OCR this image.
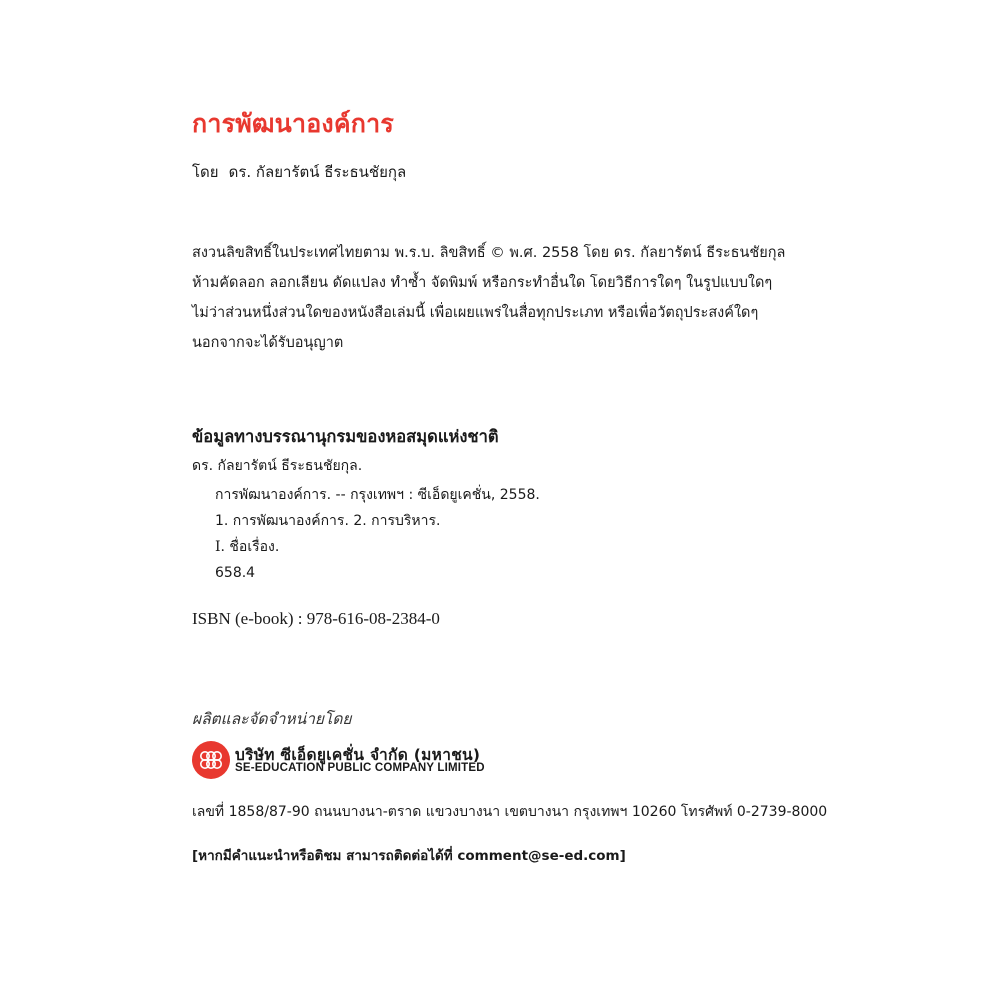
การพัฒนาองค์การ
โดย ดร. กัลยารัตน์ ธีระธนชัยกุล
สงวนลิขสิทธิ์ในประเทศไทยตาม พ.ร.บ. ลิขสิทธิ์ © พ.ศ. 2558 โดย ดร. กัลยารัตน์ ธีระธนชัยกุล
ห้ามคัดลอก ลอกเลียน ดัดแปลง ทำซ้ำ จัดพิมพ์ หรือกระทำอื่นใด โดยวิธีการใดๆ ในรูปแบบใดๆ
ไม่ว่าส่วนหนึ่งส่วนใดของหนังสือเล่มนี้ เพื่อเผยแพร่ในสื่อทุกประเภท หรือเพื่อวัตถุประสงค์ใดๆ
นอกจากจะได้รับอนุญาต
ข้อมูลทางบรรณานุกรมของหอสมุดแห่งชาติ
ดร. กัลยารัตน์ ธีระธนชัยกุล.
การพัฒนาองค์การ. -- กรุงเทพฯ : ซีเอ็ดยูเคชั่น, 2558.
1. การพัฒนาองค์การ. 2. การบริหาร.
I. ชื่อเรื่อง.
658.4
ISBN (e-book) : 978-616-08-2384-0
ผลิตและจัดจำหน่ายโดย
บริษัท ซีเอ็ดยูเคชั่น จำกัด (มหาชน)
SE-EDUCATION PUBLIC COMPANY LIMITED
เลขที่ 1858/87-90 ถนนบางนา-ตราด แขวงบางนา เขตบางนา กรุงเทพฯ 10260 โทรศัพท์ 0-2739-8000
[หากมีคำแนะนำหรือติชม สามารถติดต่อได้ที่ comment@se-ed.com]
